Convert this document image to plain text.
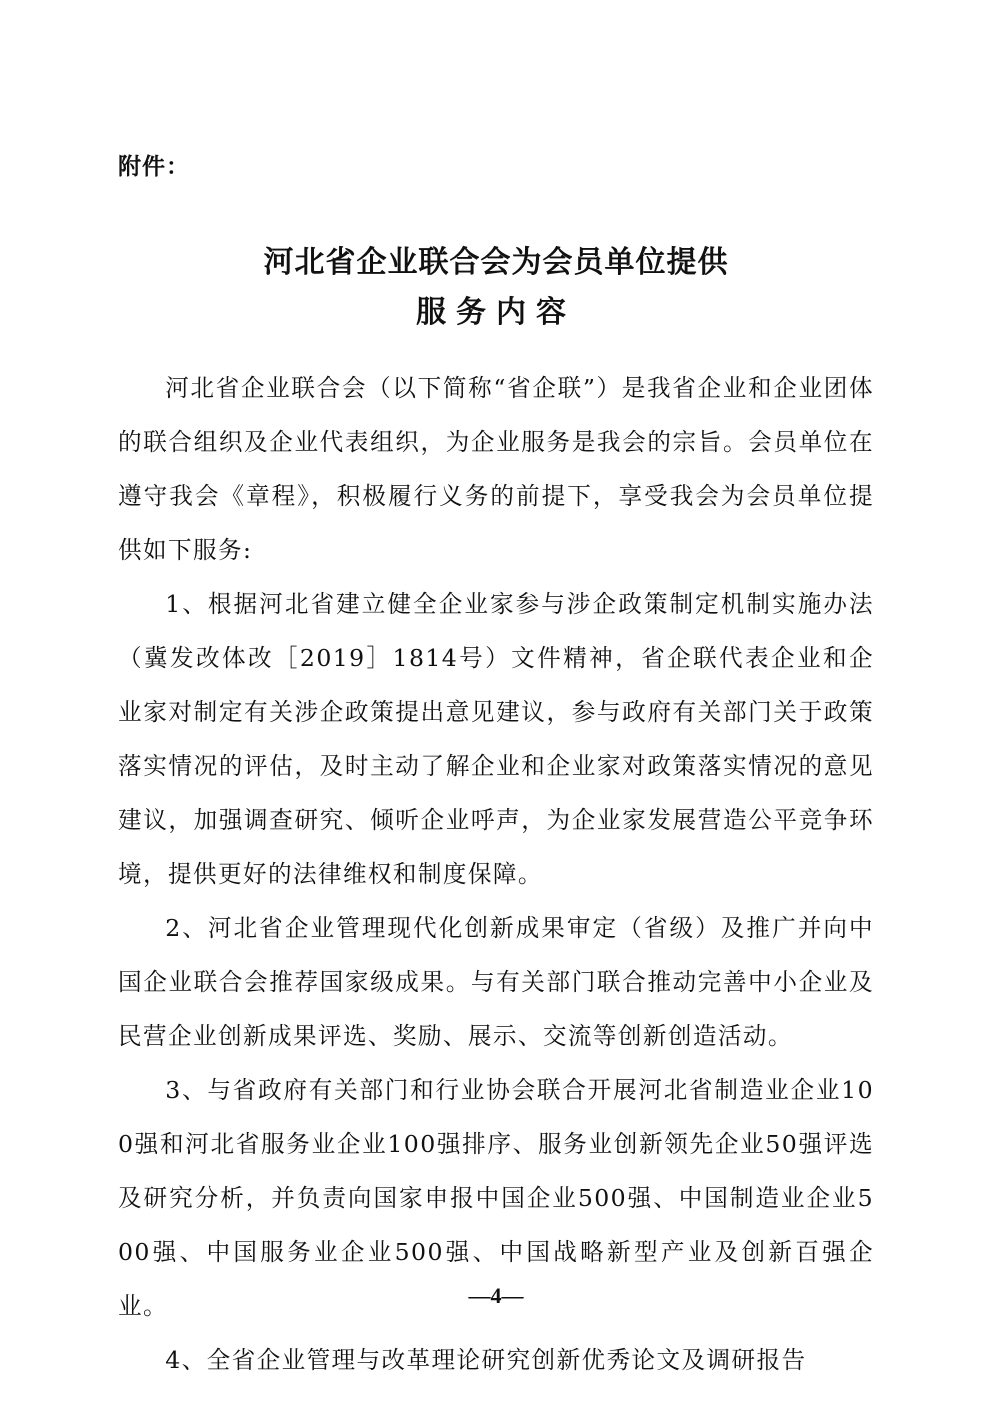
附件：
河北省企业联合会为会员单位提供
服务内容

河北省企业联合会（以下简称“省企联”）是我省企业和企业团体的联合组织及企业代表组织，为企业服务是我会的宗旨。会员单位在遵守我会《章程》，积极履行义务的前提下，享受我会为会员单位提供如下服务:

1、根据河北省建立健全企业家参与涉企政策制定机制实施办法（冀发改体改［2019］1814号）文件精神，省企联代表企业和企业家对制定有关涉企政策提出意见建议，参与政府有关部门关于政策落实情况的评估，及时主动了解企业和企业家对政策落实情况的意见建议，加强调查研究、倾听企业呼声，为企业家发展营造公平竞争环境，提供更好的法律维权和制度保障。

2、河北省企业管理现代化创新成果审定（省级）及推广并向中国企业联合会推荐国家级成果。与有关部门联合推动完善中小企业及民营企业创新成果评选、奖励、展示、交流等创新创造活动。

3、与省政府有关部门和行业协会联合开展河北省制造业企业100强和河北省服务业企业100强排序、服务业创新领先企业50强评选及研究分析，并负责向国家申报中国企业500强、中国制造业企业500强、中国服务业企业500强、中国战略新型产业及创新百强企业。

4、全省企业管理与改革理论研究创新优秀论文及调研报告

—4—
